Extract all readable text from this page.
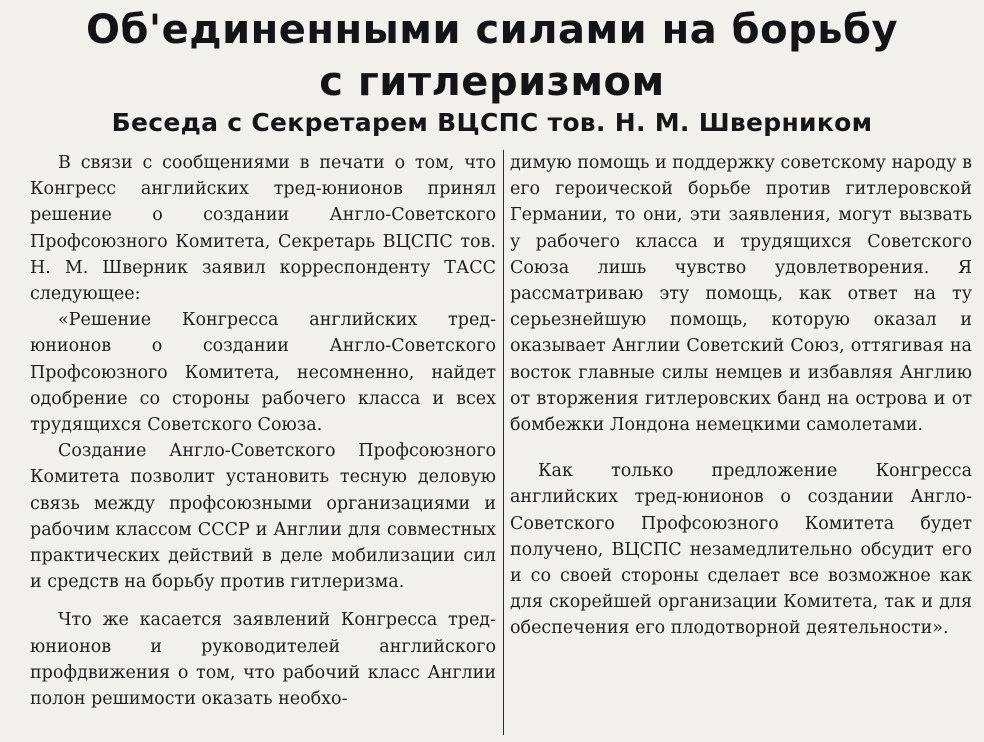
Об'единенными силами на борьбу
с гитлеризмом
Беседа с Секретарем ВЦСПС тов. Н. М. Шверником

В связи с сообщениями в печати о том, что Конгресс английских тред-юнионов принял решение о создании Англо-Советского Профсоюзного Комитета, Секретарь ВЦСПС тов. Н. М. Шверник заявил корреспонденту ТАСС следующее:

«Решение Конгресса английских тред-юнионов о создании Англо-Советского Профсоюзного Комитета, несомненно, найдет одобрение со стороны рабочего класса и всех трудящихся Советского Союза.

Создание Англо-Советского Профсоюзного Комитета позволит установить тесную деловую связь между профсоюзными организациями и рабочим классом СССР и Англии для совместных практических действий в деле мобилизации сил и средств на борьбу против гитлеризма.

Что же касается заявлений Конгресса тред-юнионов и руководителей английского профдвижения о том, что рабочий класс Англии полон решимости оказать необхо-

димую помощь и поддержку советскому народу в его героической борьбе против гитлеровской Германии, то они, эти заявления, могут вызвать у рабочего класса и трудящихся Советского Союза лишь чувство удовлетворения. Я рассматриваю эту помощь, как ответ на ту серьезнейшую помощь, которую оказал и оказывает Англии Советский Союз, оттягивая на восток главные силы немцев и избавляя Англию от вторжения гитлеровских банд на острова и от бомбежки Лондона немецкими самолетами.

Как только предложение Конгресса английских тред-юнионов о создании Англо-Советского Профсоюзного Комитета будет получено, ВЦСПС незамедлительно обсудит его и со своей стороны сделает все возможное как для скорейшей организации Комитета, так и для обеспечения его плодотворной деятельности».
